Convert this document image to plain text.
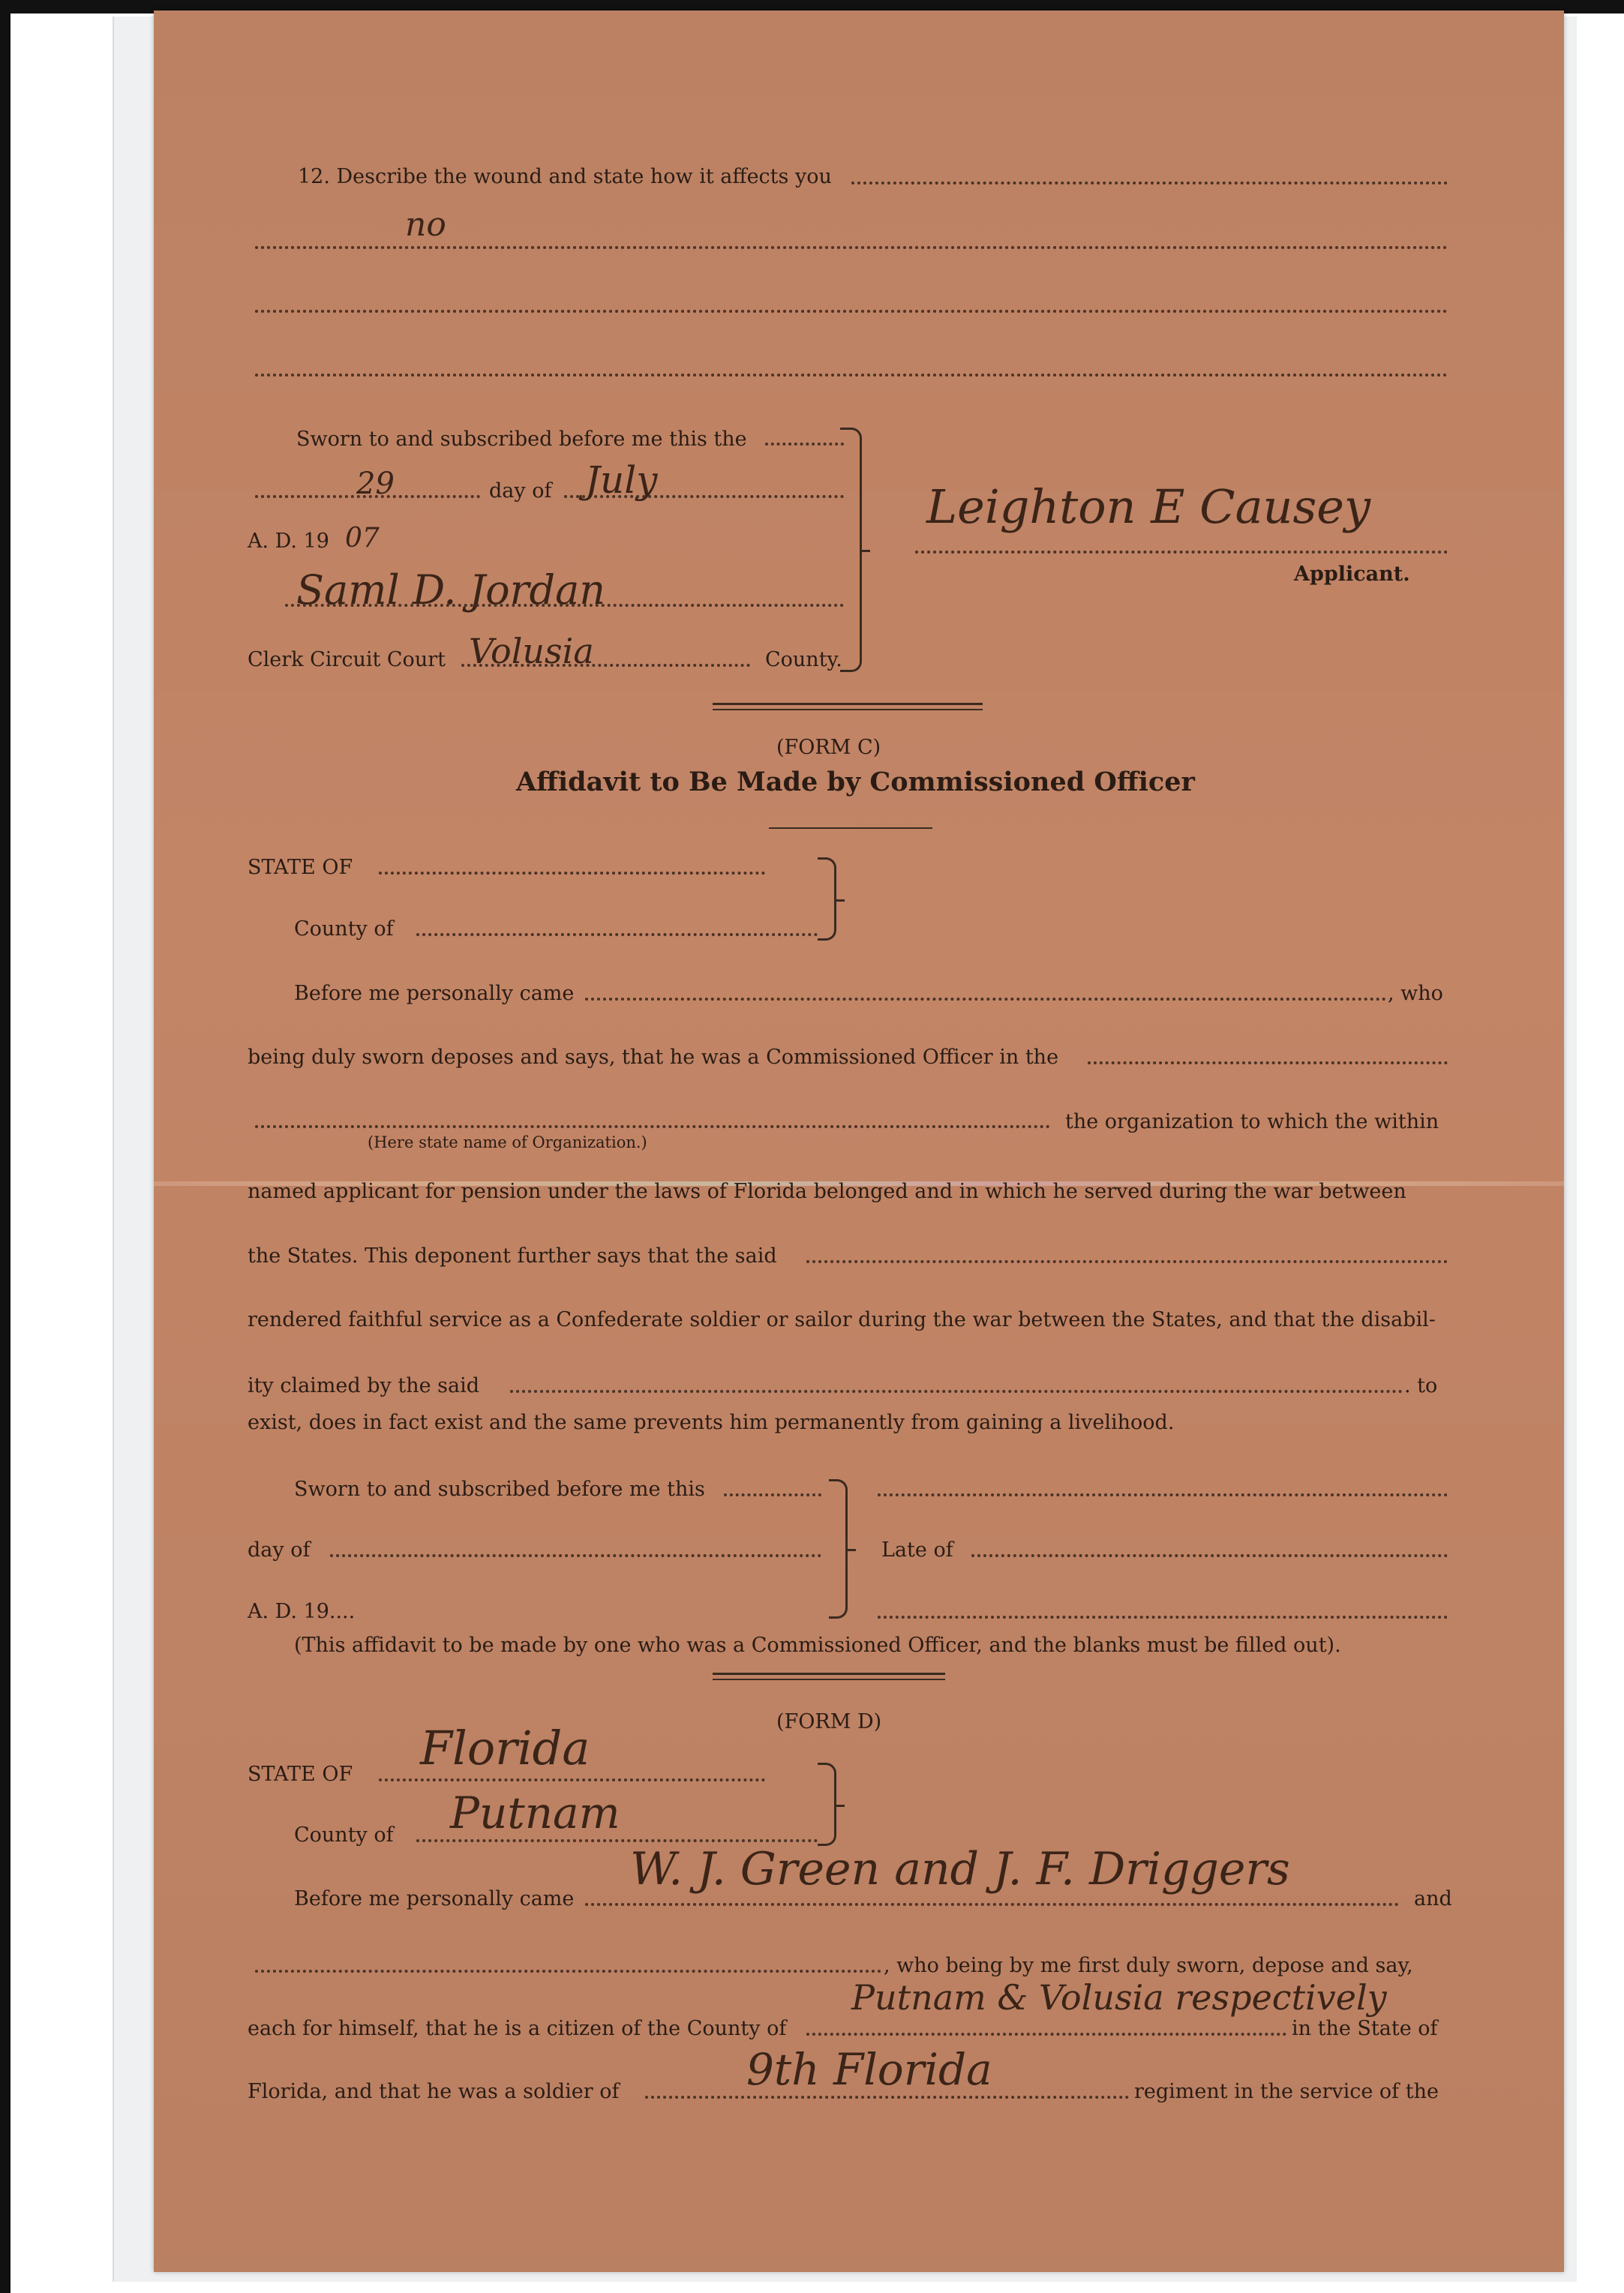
12. Describe the wound and state how it affects you
no
Sworn to and subscribed before me this the
29	day of July
A. D. 19 07
Saml D. Jordan
Clerk Circuit Court Volusia	County.
Leighton E Causey
Applicant.
(FORM C)
Affidavit to Be Made by Commissioned Officer
STATE OF
County of
Before me personally came	, who
being duly sworn deposes and says, that he was a Commissioned Officer in the
the organization to which the within
(Here state name of Organization.)
named applicant for pension under the laws of Florida belonged and in which he served during the war between
the States. This deponent further says that the said
rendered faithful service as a Confederate soldier or sailor during the war between the States, and that the disabil-
ity claimed by the said	. to
exist, does in fact exist and the same prevents him permanently from gaining a livelihood.
Sworn to and subscribed before me this
day of
A. D. 19....
Late of
(This affidavit to be made by one who was a Commissioned Officer, and the blanks must be filled out).
(FORM D)
STATE OF Florida
County of Putnam
Before me personally came
W. J. Green and J. F. Driggers
and
, who being by me first duly sworn, depose and say,
each for himself, that he is a citizen of the County of
Putnam & Volusia respectively
in the State of
Florida, and that he was a soldier of	9th Florida	regiment in the service of the
